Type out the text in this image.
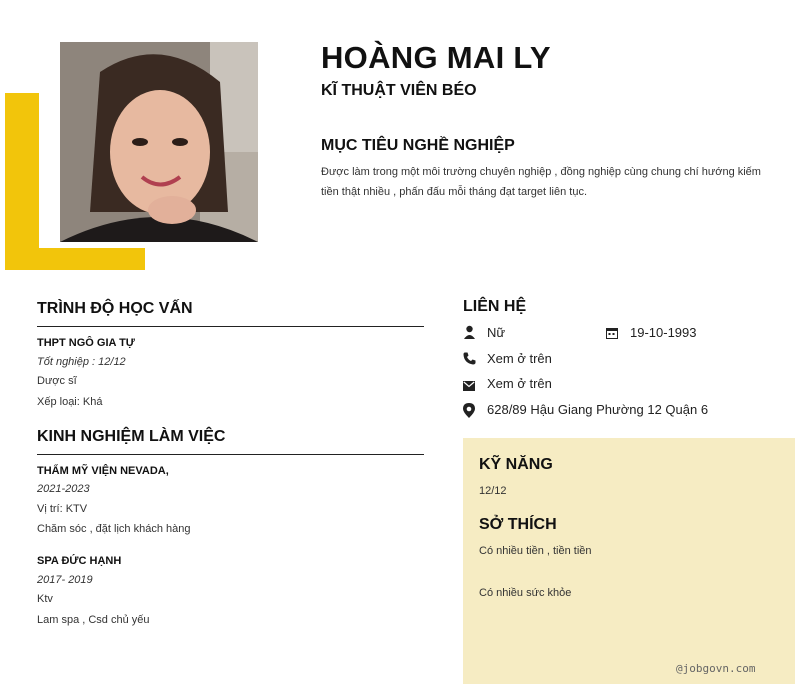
HOÀNG MAI LY
KĨ THUẬT VIÊN BÉO
MỤC TIÊU NGHỀ NGHIỆP
Được làm trong một môi trường chuyên nghiệp , đồng nghiệp cùng chung chí hướng kiếm tiền thật nhiều , phấn đấu mỗi tháng đạt target liên tục.
TRÌNH ĐỘ HỌC VẤN
THPT NGÔ GIA TỰ
Tốt nghiệp : 12/12
Dược sĩ
Xếp loại: Khá
KINH NGHIỆM LÀM VIỆC
THẨM MỸ VIỆN NEVADA,
2021-2023
Vị trí: KTV
Chăm sóc , đặt lịch khách hàng
SPA ĐỨC HẠNH
2017- 2019
Ktv
Lam spa , Csd chủ yếu
LIÊN HỆ
Nữ	19-10-1993
Xem ở trên
Xem ở trên
628/89 Hậu Giang Phường 12 Quận 6
KỸ NĂNG
12/12
SỞ THÍCH
Có nhiều tiền , tiền tiền
Có nhiều sức khỏe
@jobgovn.com
